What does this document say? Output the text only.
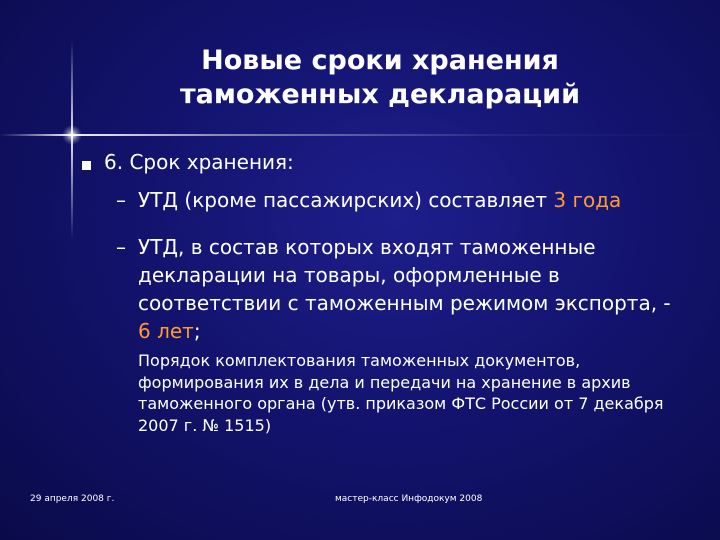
Новые сроки хранения
таможенных деклараций
6. Срок хранения:
– УТД (кроме пассажирских) составляет 3 года
– УТД, в состав которых входят таможенные
декларации на товары, оформленные в
соответствии с таможенным режимом экспорта, -
6 лет;
Порядок комплектования таможенных документов, формирования их в дела и передачи на хранение в архив таможенного органа (утв. приказом ФТС России от 7 декабря 2007 г. № 1515)
29 апреля 2008 г.	мастер-класс Инфодокум 2008
